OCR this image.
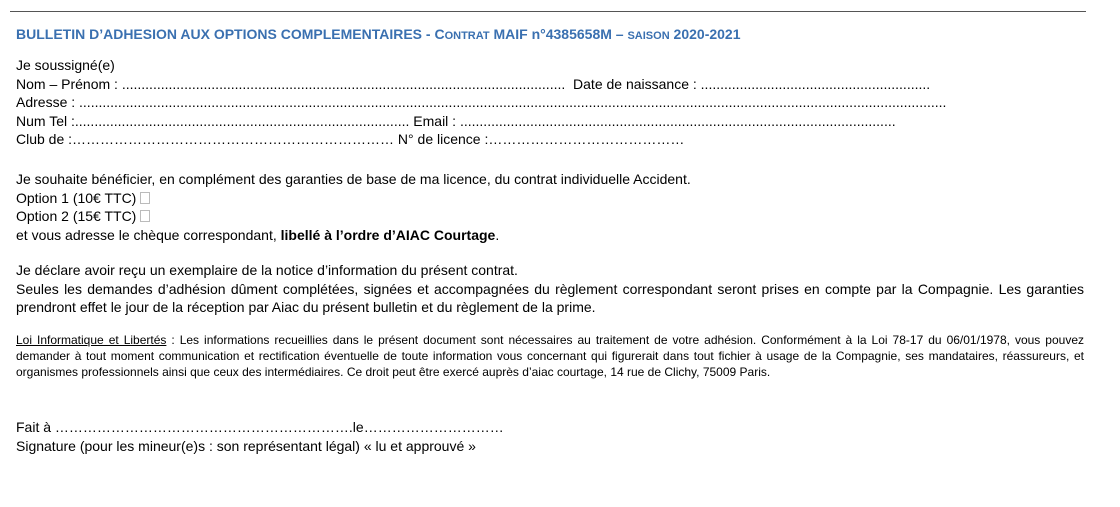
BULLETIN D’ADHESION AUX OPTIONS COMPLEMENTAIRES - CONTRAT MAIF n°4385658M – SAISON 2020-2021
Je soussigné(e)
Nom – Prénom : .................................................................................................................. Date de naissance : ...........................................................
Adresse : ...............................................................................................................................................................................................................................
Num Tel :...................................................................................... Email : ................................................................................................................
Club de :…………………………………………………………… N° de licence :……………………………………
Je souhaite bénéficier, en complément des garanties de base de ma licence, du contrat individuelle Accident.
Option 1 (10€ TTC)
Option 2 (15€ TTC)
et vous adresse le chèque correspondant, libellé à l’ordre d’AIAC Courtage.
Je déclare avoir reçu un exemplaire de la notice d’information du présent contrat.
Seules les demandes d’adhésion dûment complétées, signées et accompagnées du règlement correspondant seront prises en compte par la Compagnie. Les garanties prendront effet le jour de la réception par Aiac du présent bulletin et du règlement de la prime.
Loi Informatique et Libertés : Les informations recueillies dans le présent document sont nécessaires au traitement de votre adhésion. Conformément à la Loi 78-17 du 06/01/1978, vous pouvez demander à tout moment communication et rectification éventuelle de toute information vous concernant qui figurerait dans tout fichier à usage de la Compagnie, ses mandataires, réassureurs, et organismes professionnels ainsi que ceux des intermédiaires. Ce droit peut être exercé auprès d’aiac courtage, 14 rue de Clichy, 75009 Paris.
Fait à ……………………………………………………….le…………………………
Signature (pour les mineur(e)s : son représentant légal) « lu et approuvé »
